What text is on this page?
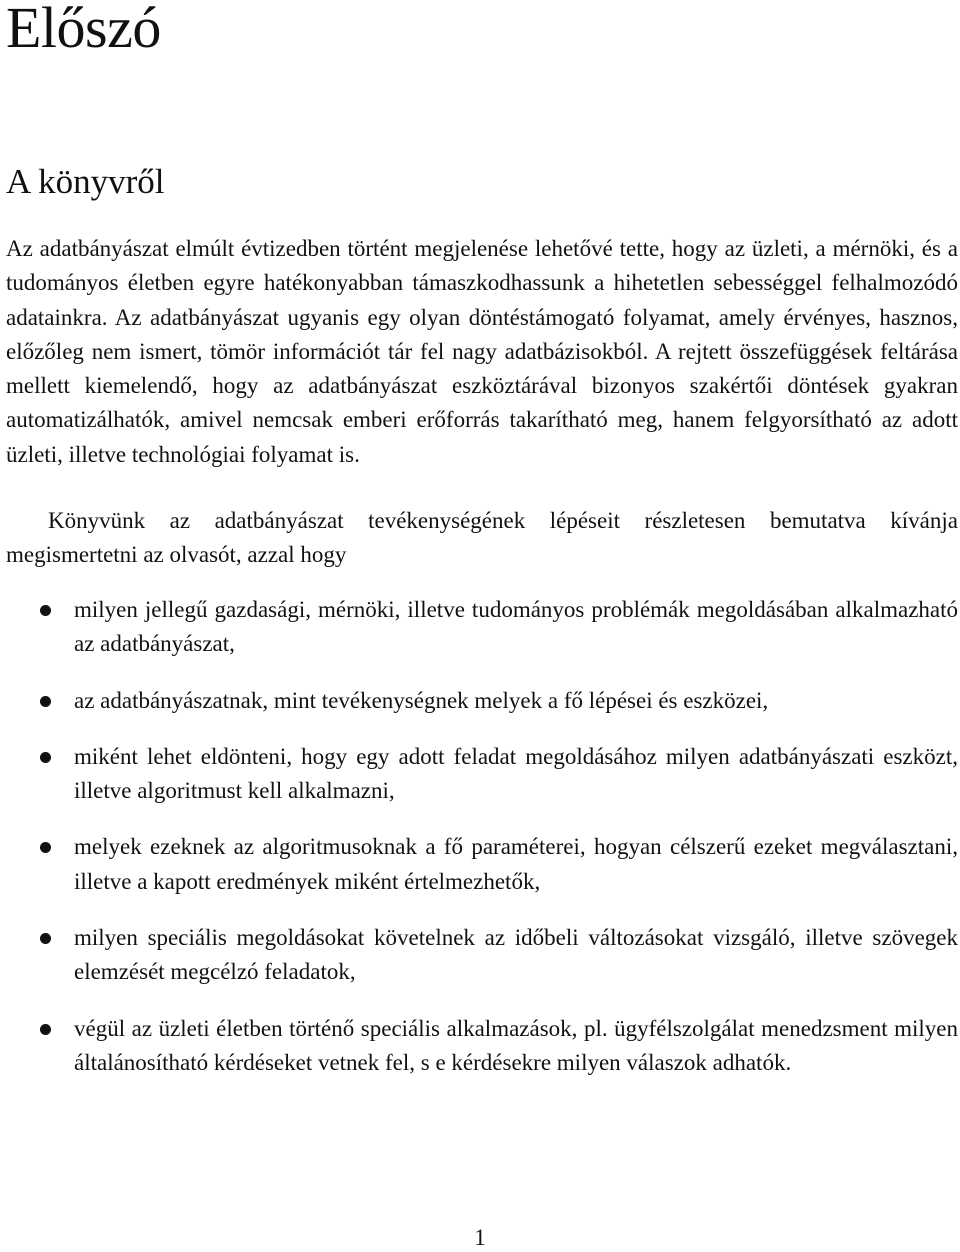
Előszó
A könyvről

Az adatbányászat elmúlt évtizedben történt megjelenése lehetővé tette, hogy az üzleti, a mérnöki, és a tudományos életben egyre hatékonyabban támaszkodhassunk a hihetetlen sebességgel felhalmozódó adatainkra. Az adatbányászat ugyanis egy olyan döntéstámogató folyamat, amely érvényes, hasznos, előzőleg nem ismert, tömör információt tár fel nagy adatbázisokból. A rejtett összefüggések feltárása mellett kiemelendő, hogy az adatbányászat eszköztárával bizonyos szakértői döntések gyakran automatizálhatók, amivel nemcsak emberi erőforrás takarítható meg, hanem felgyorsítható az adott üzleti, illetve technológiai folyamat is.

Könyvünk az adatbányászat tevékenységének lépéseit részletesen bemutatva kívánja megismertetni az olvasót, azzal hogy

milyen jellegű gazdasági, mérnöki, illetve tudományos problémák megoldásában alkalmazható az adatbányászat,
az adatbányászatnak, mint tevékenységnek melyek a fő lépései és eszközei,
miként lehet eldönteni, hogy egy adott feladat megoldásához milyen adatbányászati eszközt, illetve algoritmust kell alkalmazni,
melyek ezeknek az algoritmusoknak a fő paraméterei, hogyan célszerű ezeket megválasztani, illetve a kapott eredmények miként értelmezhetők,
milyen speciális megoldásokat követelnek az időbeli változásokat vizsgáló, illetve szövegek elemzését megcélzó feladatok,
végül az üzleti életben történő speciális alkalmazások, pl. ügyfélszolgálat menedzsment milyen általánosítható kérdéseket vetnek fel, s e kérdésekre milyen válaszok adhatók.

1
